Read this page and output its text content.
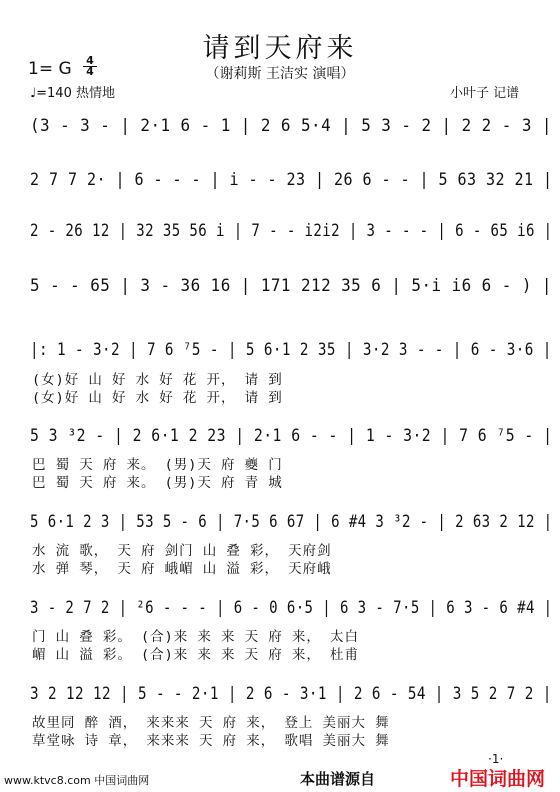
请到天府来
（谢莉斯 王洁实 演唱）
1= G 4
4
♩=140 热情地	小叶子 记谱
(3 - 3 - | 2·1 6 - 1 | 2 6 5·4 | 5 3 - 2 | 2 2 - 3 |
2 7 7 2· | 6 - - - | i - - 23 | 26 6 - - | 5 63 32 21 |
2 - 26 12 | 32 35 56 i | 7 - - i2i2 | 3 - - - | 6 - 65 i6 |
5 - - 65 | 3 - 36 16 | 171 212 35 6 | 5·i i6 6 - ) |
|: 1 - 3·2 | 7 6 ⁷5 - | 5 6·1 2 35 | 3·2 3 - - | 6 - 3·6 |
(女)好 山 好 水 好 花 开， 请 到
(女)好 山 好 水 好 花 开， 请 到
5 3 ³2 - | 2 6·1 2 23 | 2·1 6 - - | 1 - 3·2 | 7 6 ⁷5 - |
巴 蜀 天 府 来。 (男)天 府 夔 门
巴 蜀 天 府 来。 (男)天 府 青 城
5 6·1 2 3 | 53 5 - 6 | 7·5 6 67 | 6 #4 3 ³2 - | 2 63 2 12 |
水 流 歌， 天 府 剑门 山 叠 彩， 天府剑
水 弹 琴， 天 府 峨嵋 山 溢 彩， 天府峨
3 - 2 7 2 | ²6 - - - | 6 - 0 6·5 | 6 3 - 7·5 | 6 3 - 6 #4 |
门 山 叠 彩。 (合)来 来 来 天 府 来， 太白
嵋 山 溢 彩。 (合)来 来 来 天 府 来， 杜甫
3 2 12 12 | 5 - - 2·1 | 2 6 - 3·1 | 2 6 - 54 | 3 5 2 7 2 |
故里同 醉 酒， 来来来 天 府 来， 登上 美丽大 舞
草堂咏 诗 章， 来来来 天 府 来， 歌唱 美丽大 舞
·1·
www.ktvc8.com 中国词曲网	本曲谱源自	中国词曲网
